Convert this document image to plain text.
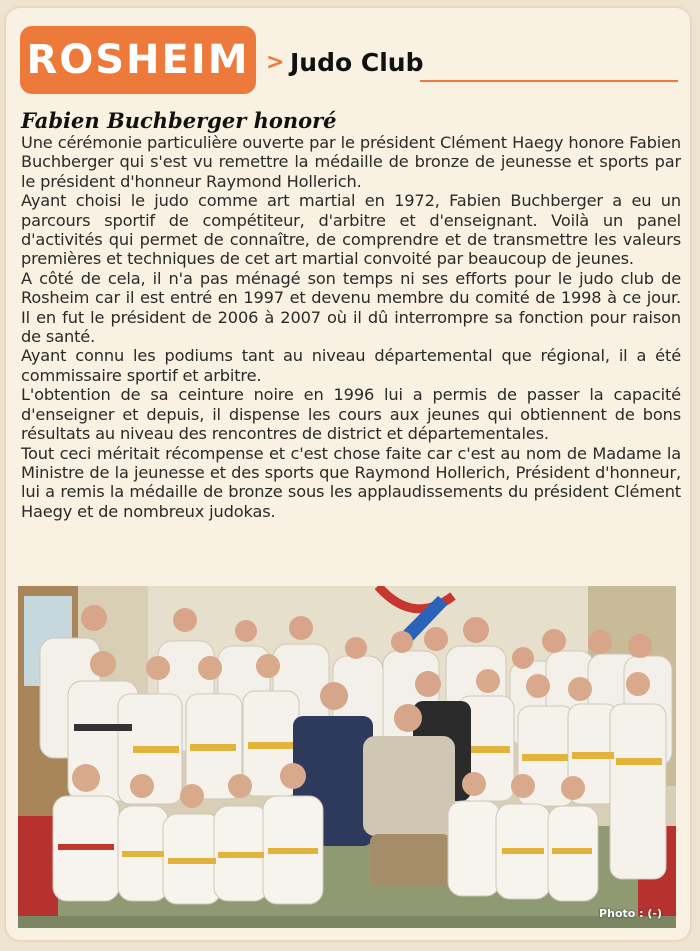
ROSHEIM > Judo Club
Fabien Buchberger honoré

Une cérémonie particulière ouverte par le président Clément Haegy honore Fabien Buchberger qui s'est vu remettre la médaille de bronze de jeunesse et sports par le président d'honneur Raymond Hollerich.

Ayant choisi le judo comme art martial en 1972, Fabien Buchberger a eu un parcours sportif de compétiteur, d'arbitre et d'enseignant. Voilà un panel d'activités qui permet de connaître, de comprendre et de transmettre les valeurs premières et techniques de cet art martial convoité par beaucoup de jeunes.

A côté de cela, il n'a pas ménagé son temps ni ses efforts pour le judo club de Rosheim car il est entré en 1997 et devenu membre du comité de 1998 à ce jour. Il en fut le président de 2006 à 2007 où il dû interrompre sa fonction pour raison de santé.

Ayant connu les podiums tant au niveau départemental que régional, il a été commissaire sportif et arbitre.

L'obtention de sa ceinture noire en 1996 lui a permis de passer la capacité d'enseigner et depuis, il dispense les cours aux jeunes qui obtiennent de bons résultats au niveau des rencontres de district et départementales.

Tout ceci méritait récompense et c'est chose faite car c'est au nom de Madame la Ministre de la jeunesse et des sports que Raymond Hollerich, Président d'honneur, lui a remis la médaille de bronze sous les applaudissements du président Clément Haegy et de nombreux judokas.

Photo : (-)
